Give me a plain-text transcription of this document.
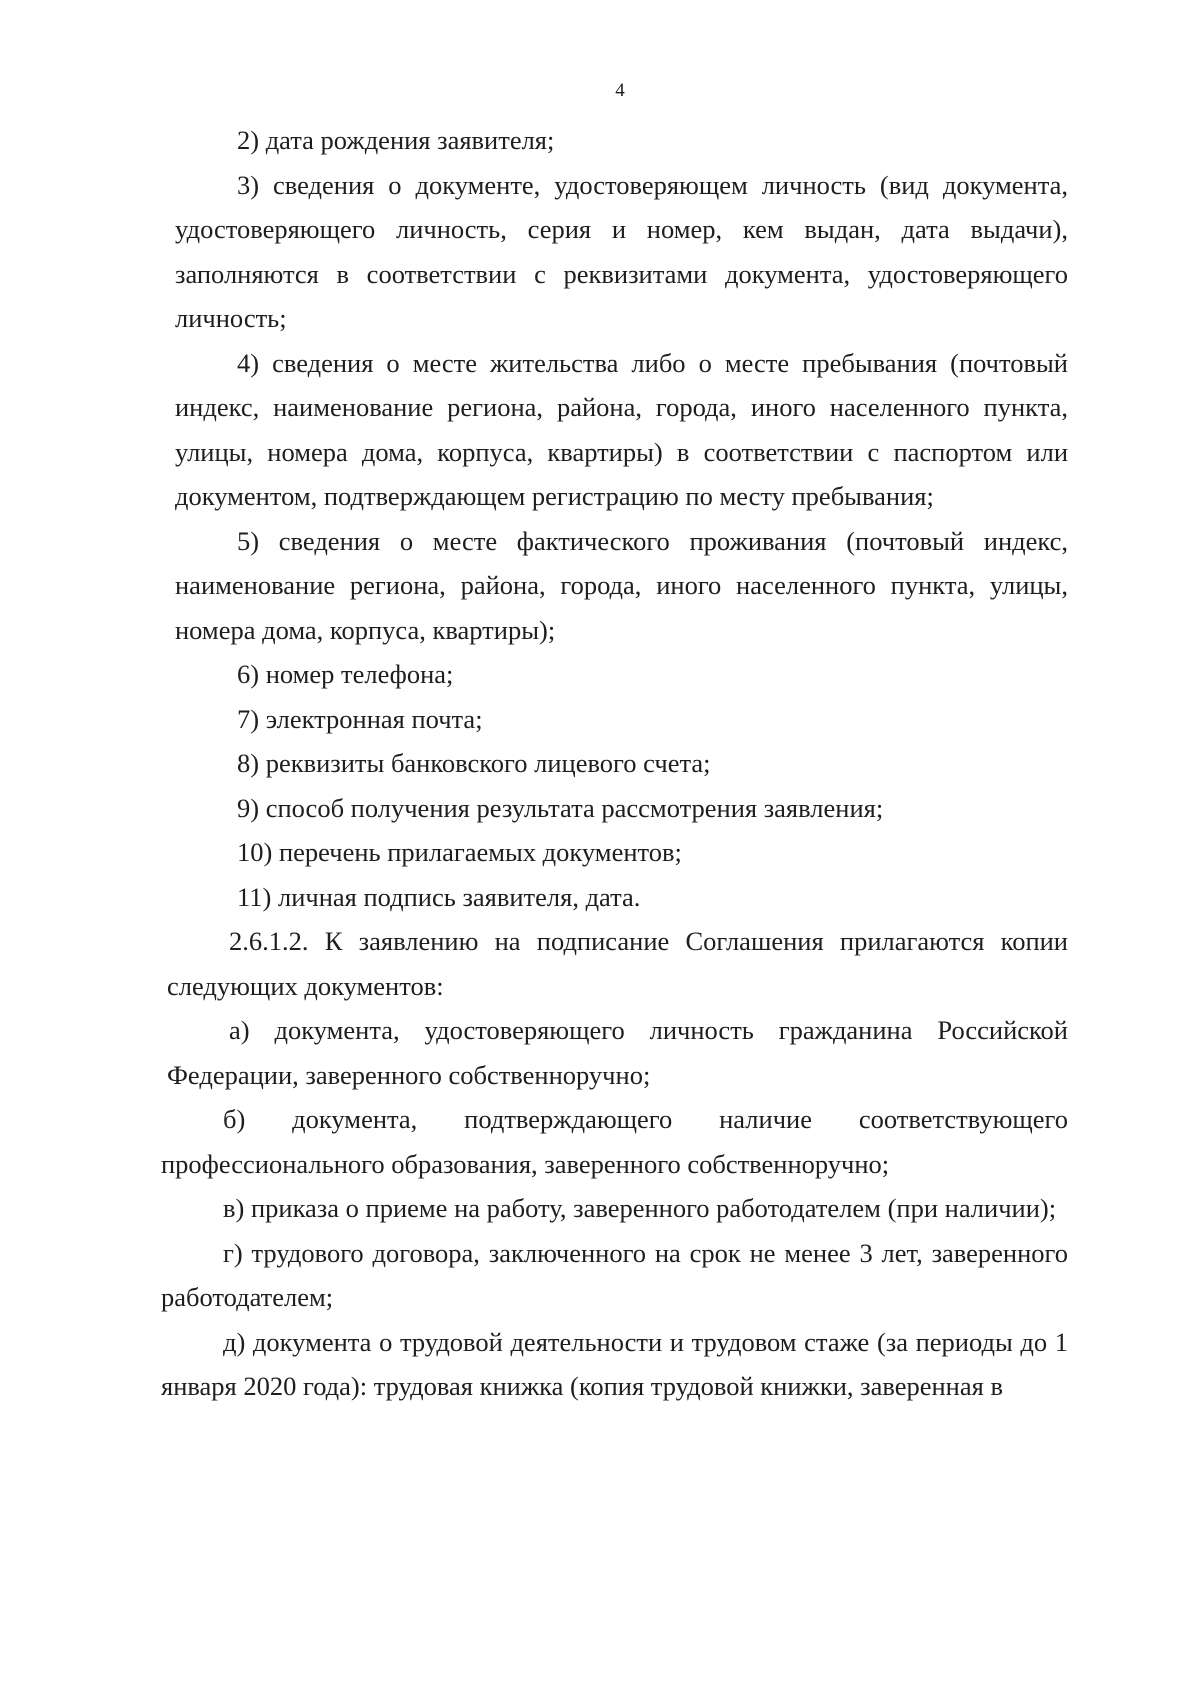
4

2) дата рождения заявителя;

3) сведения о документе, удостоверяющем личность (вид документа, удостоверяющего личность, серия и номер, кем выдан, дата выдачи), заполняются в соответствии с реквизитами документа, удостоверяющего личность;

4) сведения о месте жительства либо о месте пребывания (почтовый индекс, наименование региона, района, города, иного населенного пункта, улицы, номера дома, корпуса, квартиры) в соответствии с паспортом или документом, подтверждающем регистрацию по месту пребывания;

5) сведения о месте фактического проживания (почтовый индекс, наименование региона, района, города, иного населенного пункта, улицы, номера дома, корпуса, квартиры);

6) номер телефона;

7) электронная почта;

8) реквизиты банковского лицевого счета;

9) способ получения результата рассмотрения заявления;

10) перечень прилагаемых документов;

11) личная подпись заявителя, дата.

2.6.1.2. К заявлению на подписание Соглашения прилагаются копии следующих документов:

а) документа, удостоверяющего личность гражданина Российской Федерации, заверенного собственноручно;

б) документа, подтверждающего наличие соответствующего профессионального образования, заверенного собственноручно;

в) приказа о приеме на работу, заверенного работодателем (при наличии);

г) трудового договора, заключенного на срок не менее 3 лет, заверенного работодателем;

д) документа о трудовой деятельности и трудовом стаже (за периоды до 1 января 2020 года): трудовая книжка (копия трудовой книжки, заверенная в
